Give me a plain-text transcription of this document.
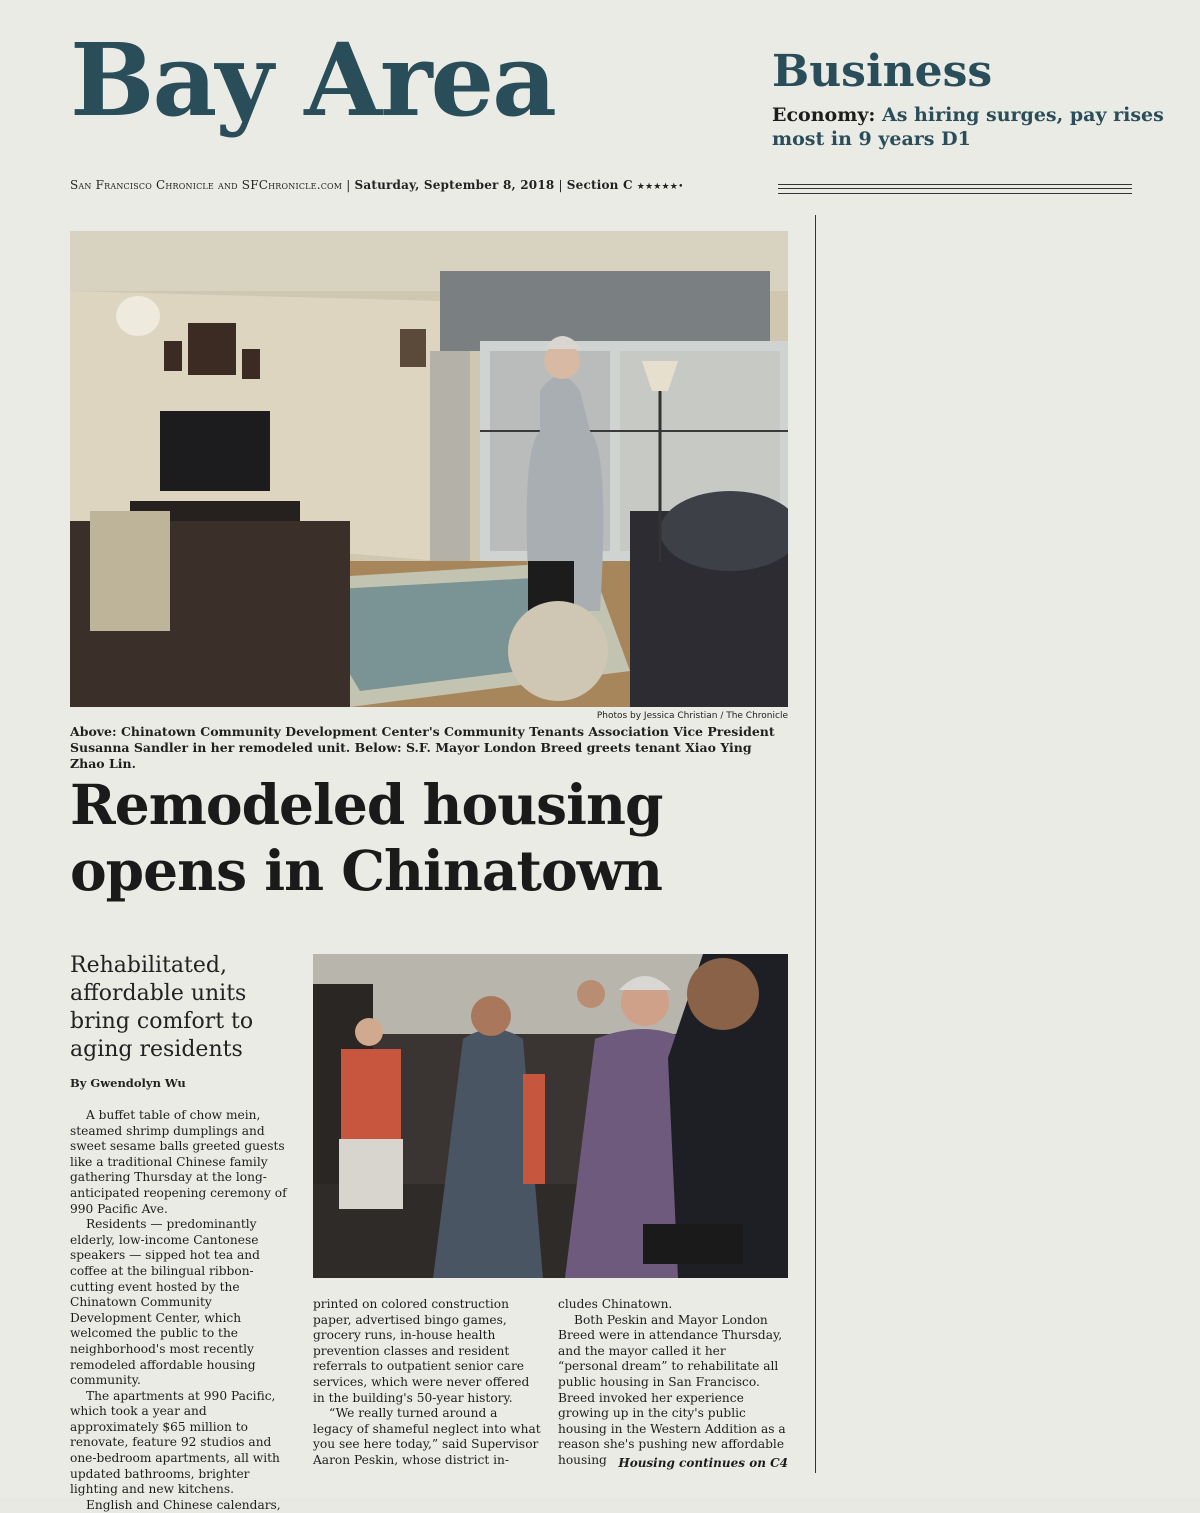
Bay Area	Business
Economy: As hiring surges, pay rises most in 9 years D1
San Francisco Chronicle and SFChronicle.com | Saturday, September 8, 2018 | Section C ★★★★★•
Photos by Jessica Christian / The Chronicle
Above: Chinatown Community Development Center's Community Tenants Association Vice President Susanna Sandler in her remodeled unit. Below: S.F. Mayor London Breed greets tenant Xiao Ying Zhao Lin.
Remodeled housing
opens in Chinatown
Rehabilitated, affordable units bring comfort to aging residents
By Gwendolyn Wu

A buffet table of chow mein, steamed shrimp dumplings and sweet sesame balls greeted guests like a traditional Chinese family gathering Thursday at the long-anticipated reopening ceremony of 990 Pacific Ave.

Residents — predominantly elderly, low-income Cantonese speakers — sipped hot tea and coffee at the bilingual ribbon-cutting event hosted by the Chinatown Community Development Center, which welcomed the public to the neighborhood's most recently remodeled affordable housing community.

The apartments at 990 Pacific, which took a year and approximately $65 million to renovate, feature 92 studios and one-bedroom apartments, all with updated bathrooms, brighter lighting and new kitchens.

English and Chinese calendars,

printed on colored construction paper, advertised bingo games, grocery runs, in-house health prevention classes and resident referrals to outpatient senior care services, which were never offered in the building's 50-year history.

“We really turned around a legacy of shameful neglect into what you see here today,” said Supervisor Aaron Peskin, whose district in-

cludes Chinatown.

Both Peskin and Mayor London Breed were in attendance Thursday, and the mayor called it her “personal dream” to rehabilitate all public housing in San Francisco. Breed invoked her experience growing up in the city's public housing in the Western Addition as a reason she's pushing new affordable housing Housing continues on C4
